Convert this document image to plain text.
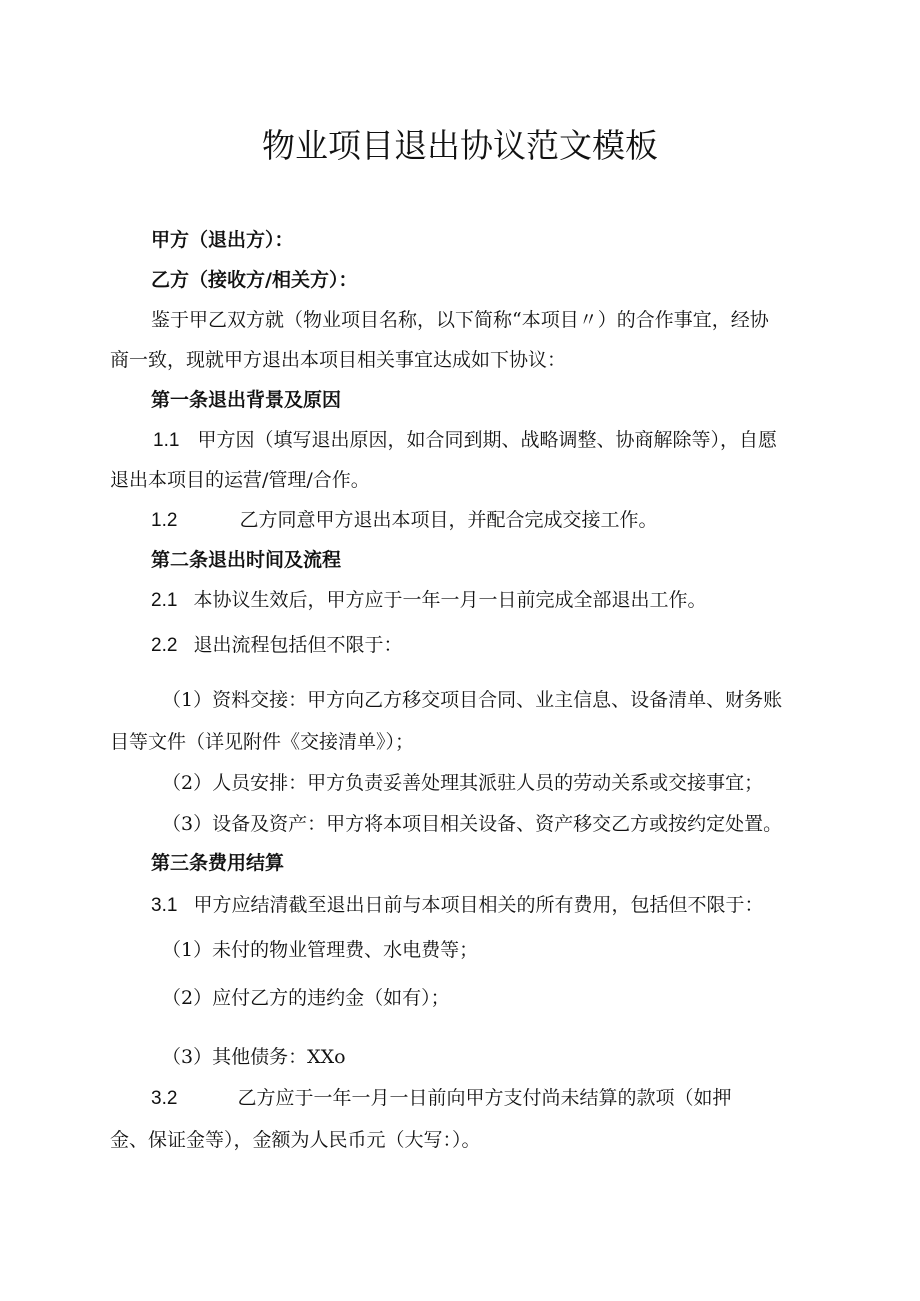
物业项目退出协议范文模板
甲方（退出方）：
乙方（接收方/相关方）：
鉴于甲乙双方就（物业项目名称，以下简称“本项目〃）的合作事宜，经协
商一致，现就甲方退出本项目相关事宜达成如下协议：
第一条退出背景及原因
1.1 甲方因（填写退出原因，如合同到期、战略调整、协商解除等），自愿
退出本项目的运营/管理/合作。
1.2	乙方同意甲方退出本项目，并配合完成交接工作。
第二条退出时间及流程
2.1 本协议生效后，甲方应于一年一月一日前完成全部退出工作。
2.2 退出流程包括但不限于：
（1）资料交接：甲方向乙方移交项目合同、业主信息、设备清单、财务账
目等文件（详见附件《交接清单》）；
（2）人员安排：甲方负责妥善处理其派驻人员的劳动关系或交接事宜；
（3）设备及资产：甲方将本项目相关设备、资产移交乙方或按约定处置。
第三条费用结算
3.1 甲方应结清截至退出日前与本项目相关的所有费用，包括但不限于：
（1）未付的物业管理费、水电费等；
（2）应付乙方的违约金（如有）；
（3）其他债务：XXo
3.2	乙方应于一年一月一日前向甲方支付尚未结算的款项（如押
金、保证金等），金额为人民币元（大写：）。
